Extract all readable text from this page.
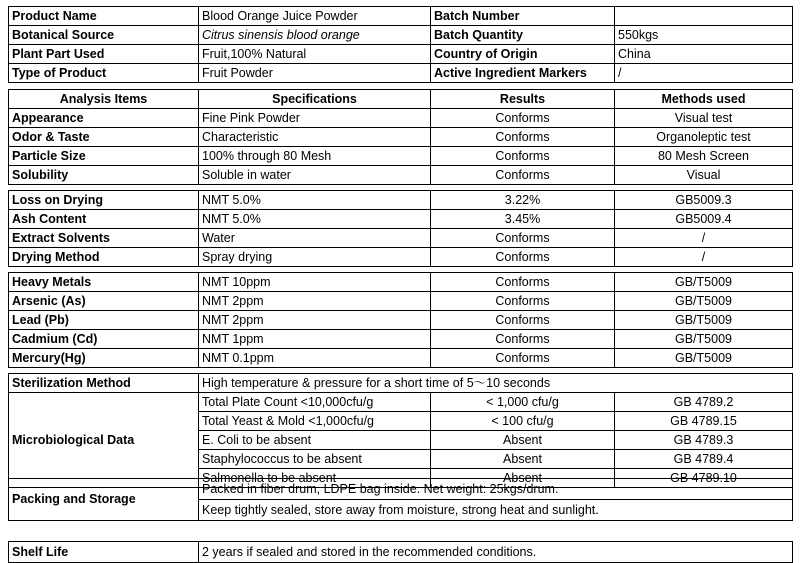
Product Name	Blood Orange Juice Powder	Batch Number	
Botanical Source	Citrus sinensis blood orange	Batch Quantity	550kgs
Plant Part Used	Fruit,100% Natural	Country of Origin	China
Type of Product	Fruit Powder	Active Ingredient Markers	/
Analysis Items	Specifications	Results	Methods used
Appearance	Fine Pink Powder	Conforms	Visual test
Odor & Taste	Characteristic	Conforms	Organoleptic test
Particle Size	100% through 80 Mesh	Conforms	80 Mesh Screen
Solubility	Soluble in water	Conforms	Visual

Loss on Drying	NMT 5.0%	3.22%	GB5009.3
Ash Content	NMT 5.0%	3.45%	GB5009.4
Extract Solvents	Water	Conforms	/
Drying Method	Spray drying	Conforms	/

Heavy Metals	NMT 10ppm	Conforms	GB/T5009
Arsenic (As)	NMT 2ppm	Conforms	GB/T5009
Lead (Pb)	NMT 2ppm	Conforms	GB/T5009
Cadmium (Cd)	NMT 1ppm	Conforms	GB/T5009
Mercury(Hg)	NMT 0.1ppm	Conforms	GB/T5009

Sterilization Method	High temperature & pressure for a short time of 5～10 seconds		
Microbiological Data	Total Plate Count <10,000cfu/g	< 1,000 cfu/g	GB 4789.2
	Total Yeast & Mold <1,000cfu/g	< 100 cfu/g	GB 4789.15
	E. Coli to be absent	Absent	GB 4789.3
	Staphylococcus to be absent	Absent	GB 4789.4
	Salmonella to be absent	Absent	GB 4789.10
Packing and Storage	Packed in fiber drum, LDPE bag inside. Net weight: 25kgs/drum.
	Keep tightly sealed, store away from moisture, strong heat and sunlight.

Shelf Life	2 years if sealed and stored in the recommended conditions.
